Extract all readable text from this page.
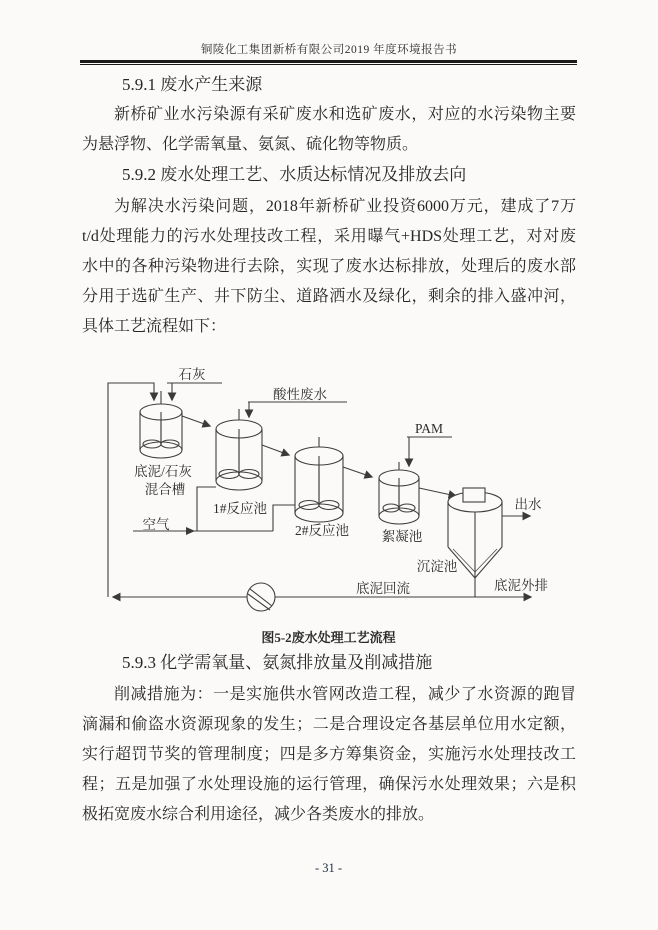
铜陵化工集团新桥有限公司2019 年度环境报告书
5.9.1 废水产生来源
新桥矿业水污染源有采矿废水和选矿废水，对应的水污染物主要
为悬浮物、化学需氧量、氨氮、硫化物等物质。
5.9.2 废水处理工艺、水质达标情况及排放去向
为解决水污染问题，2018年新桥矿业投资6000万元，建成了7万
t/d处理能力的污水处理技改工程，采用曝气+HDS处理工艺，对对废
水中的各种污染物进行去除，实现了废水达标排放，处理后的废水部
分用于选矿生产、井下防尘、道路洒水及绿化，剩余的排入盛冲河，
具体工艺流程如下：
石灰
酸性废水
PAM
空气
底泥/石灰
混合槽
1#反应池
2#反应池 絮凝池
沉淀池
出水
底泥回流	底泥外排
图5-2废水处理工艺流程
5.9.3 化学需氧量、氨氮排放量及削减措施
削减措施为：一是实施供水管网改造工程，减少了水资源的跑冒
滴漏和偷盗水资源现象的发生；二是合理设定各基层单位用水定额，
实行超罚节奖的管理制度；四是多方筹集资金，实施污水处理技改工
程；五是加强了水处理设施的运行管理，确保污水处理效果；六是积
极拓宽废水综合利用途径，减少各类废水的排放。
- 31 -
